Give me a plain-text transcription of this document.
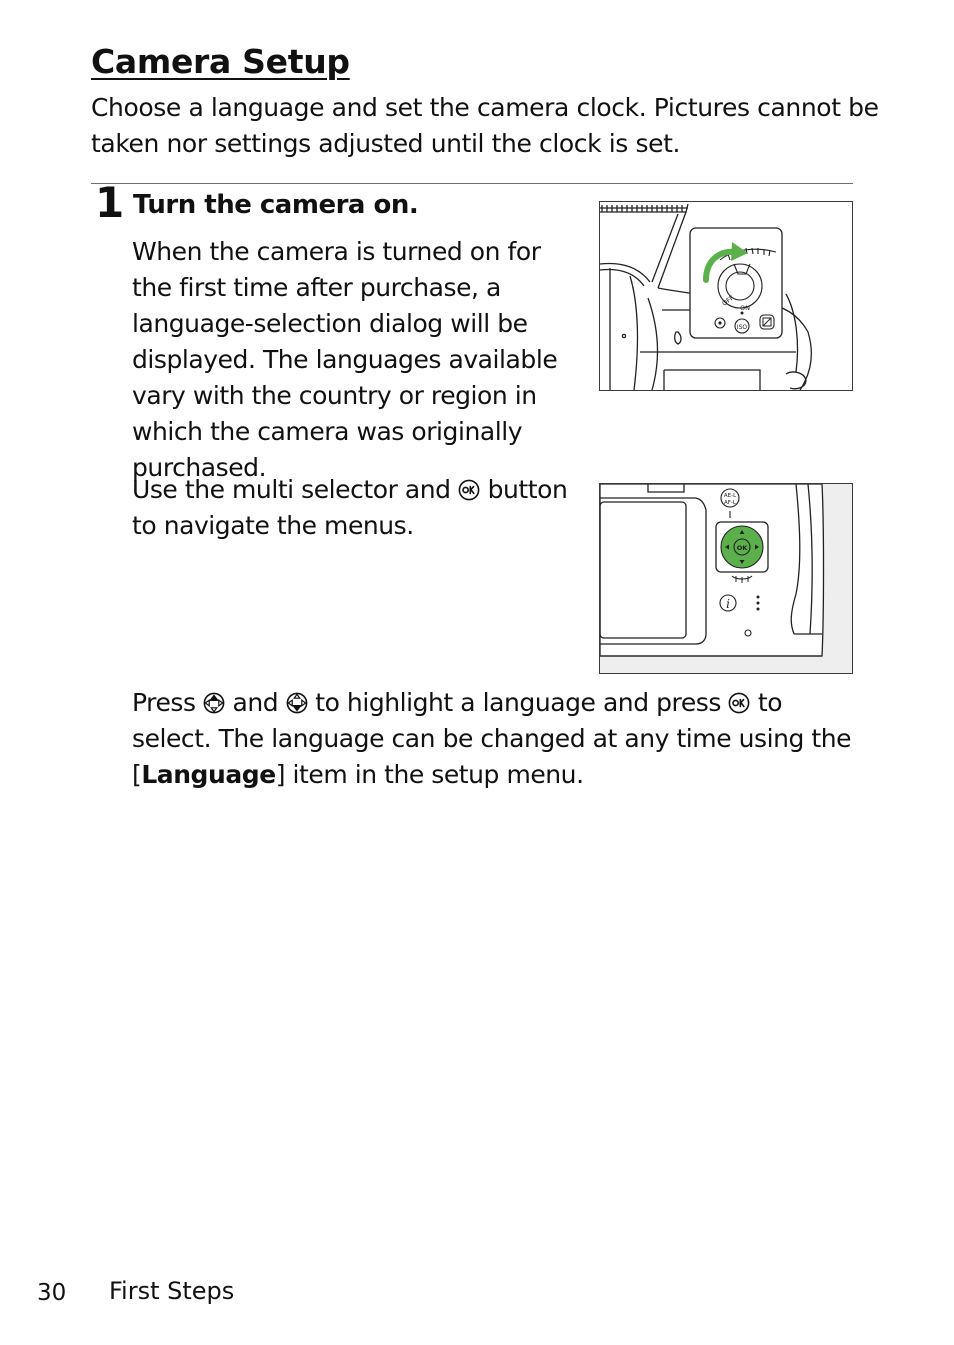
Camera Setup

Choose a language and set the camera clock. Pictures cannot be taken nor settings adjusted until the clock is set.

1 Turn the camera on.

When the camera is turned on for the first time after purchase, a language-selection dialog will be displayed. The languages available vary with the country or region in which the camera was originally purchased.

Use the multi selector and
button to navigate the menus.

Press
and
to highlight a language and press
to select. The language can be changed at any time using the [Language] item in the setup menu.

ISO
OFF
ON
AE-L
AF-L
OK
i
30 First Steps
